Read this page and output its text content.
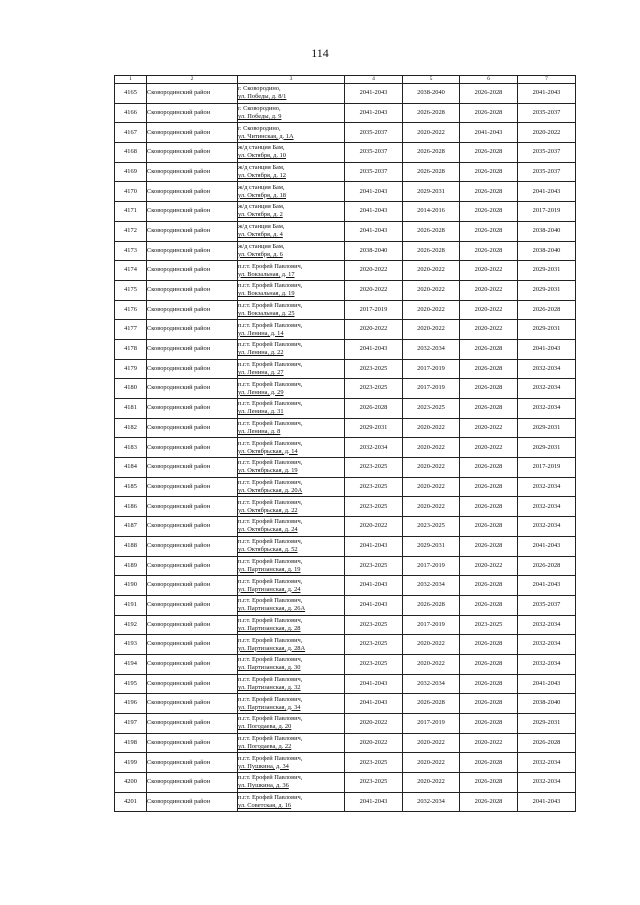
114
1	2	3	4	5	6	7
4165	Сковородинский район	г. Сковородино,
ул. Победы, д. 8/1	2041-2043	2038-2040	2026-2028	2041-2043
4166	Сковородинский район	г. Сковородино,
ул. Победы, д. 9	2041-2043	2026-2028	2026-2028	2035-2037
4167	Сковородинский район	г. Сковородино,
ул. Читинская, д. 1А	2035-2037	2020-2022	2041-2043	2020-2022
4168	Сковородинский район	ж/д станция Бам,
ул. Октября, д. 10	2035-2037	2026-2028	2026-2028	2035-2037
4169	Сковородинский район	ж/д станция Бам,
ул. Октября, д. 12	2035-2037	2026-2028	2026-2028	2035-2037
4170	Сковородинский район	ж/д станция Бам,
ул. Октября, д. 18	2041-2043	2029-2031	2026-2028	2041-2043
4171	Сковородинский район	ж/д станция Бам,
ул. Октября, д. 2	2041-2043	2014-2016	2026-2028	2017-2019
4172	Сковородинский район	ж/д станция Бам,
ул. Октября, д. 4	2041-2043	2026-2028	2026-2028	2038-2040
4173	Сковородинский район	ж/д станция Бам,
ул. Октября, д. 6	2038-2040	2026-2028	2026-2028	2038-2040
4174	Сковородинский район	п.г.т. Ерофей Павлович,
ул. Вокзальная, д. 17	2020-2022	2020-2022	2020-2022	2029-2031
4175	Сковородинский район	п.г.т. Ерофей Павлович,
ул. Вокзальная, д. 19	2020-2022	2020-2022	2020-2022	2029-2031
4176	Сковородинский район	п.г.т. Ерофей Павлович,
ул. Вокзальная, д. 25	2017-2019	2020-2022	2020-2022	2026-2028
4177	Сковородинский район	п.г.т. Ерофей Павлович,
ул. Ленина, д. 14	2020-2022	2020-2022	2020-2022	2029-2031
4178	Сковородинский район	п.г.т. Ерофей Павлович,
ул. Ленина, д. 22	2041-2043	2032-2034	2026-2028	2041-2043
4179	Сковородинский район	п.г.т. Ерофей Павлович,
ул. Ленина, д. 27	2023-2025	2017-2019	2026-2028	2032-2034
4180	Сковородинский район	п.г.т. Ерофей Павлович,
ул. Ленина, д. 29	2023-2025	2017-2019	2026-2028	2032-2034
4181	Сковородинский район	п.г.т. Ерофей Павлович,
ул. Ленина, д. 31	2026-2028	2023-2025	2026-2028	2032-2034
4182	Сковородинский район	п.г.т. Ерофей Павлович,
ул. Ленина, д. 8	2029-2031	2020-2022	2020-2022	2029-2031
4183	Сковородинский район	п.г.т. Ерофей Павлович,
ул. Октябрьская, д. 14	2032-2034	2020-2022	2020-2022	2029-2031
4184	Сковородинский район	п.г.т. Ерофей Павлович,
ул. Октябрьская, д. 19	2023-2025	2020-2022	2026-2028	2017-2019
4185	Сковородинский район	п.г.т. Ерофей Павлович,
ул. Октябрьская, д. 20А	2023-2025	2020-2022	2026-2028	2032-2034
4186	Сковородинский район	п.г.т. Ерофей Павлович,
ул. Октябрьская, д. 22	2023-2025	2020-2022	2026-2028	2032-2034
4187	Сковородинский район	п.г.т. Ерофей Павлович,
ул. Октябрьская, д. 24	2020-2022	2023-2025	2026-2028	2032-2034
4188	Сковородинский район	п.г.т. Ерофей Павлович,
ул. Октябрьская, д. 52	2041-2043	2029-2031	2026-2028	2041-2043
4189	Сковородинский район	п.г.т. Ерофей Павлович,
ул. Партизанская, д. 19	2023-2025	2017-2019	2020-2022	2026-2028
4190	Сковородинский район	п.г.т. Ерофей Павлович,
ул. Партизанская, д. 24	2041-2043	2032-2034	2026-2028	2041-2043
4191	Сковородинский район	п.г.т. Ерофей Павлович,
ул. Партизанская, д. 26А	2041-2043	2026-2028	2026-2028	2035-2037
4192	Сковородинский район	п.г.т. Ерофей Павлович,
ул. Партизанская, д. 28	2023-2025	2017-2019	2023-2025	2032-2034
4193	Сковородинский район	п.г.т. Ерофей Павлович,
ул. Партизанская, д. 28А	2023-2025	2020-2022	2026-2028	2032-2034
4194	Сковородинский район	п.г.т. Ерофей Павлович,
ул. Партизанская, д. 30	2023-2025	2020-2022	2026-2028	2032-2034
4195	Сковородинский район	п.г.т. Ерофей Павлович,
ул. Партизанская, д. 32	2041-2043	2032-2034	2026-2028	2041-2043
4196	Сковородинский район	п.г.т. Ерофей Павлович,
ул. Партизанская, д. 34	2041-2043	2026-2028	2026-2028	2038-2040
4197	Сковородинский район	п.г.т. Ерофей Павлович,
ул. Погодаева, д. 20	2020-2022	2017-2019	2026-2028	2029-2031
4198	Сковородинский район	п.г.т. Ерофей Павлович,
ул. Погодаева, д. 22	2020-2022	2020-2022	2020-2022	2026-2028
4199	Сковородинский район	п.г.т. Ерофей Павлович,
ул. Пушкина, д. 34	2023-2025	2020-2022	2026-2028	2032-2034
4200	Сковородинский район	п.г.т. Ерофей Павлович,
ул. Пушкина, д. 36	2023-2025	2020-2022	2026-2028	2032-2034
4201	Сковородинский район	п.г.т. Ерофей Павлович,
ул. Советская, д. 16	2041-2043	2032-2034	2026-2028	2041-2043
